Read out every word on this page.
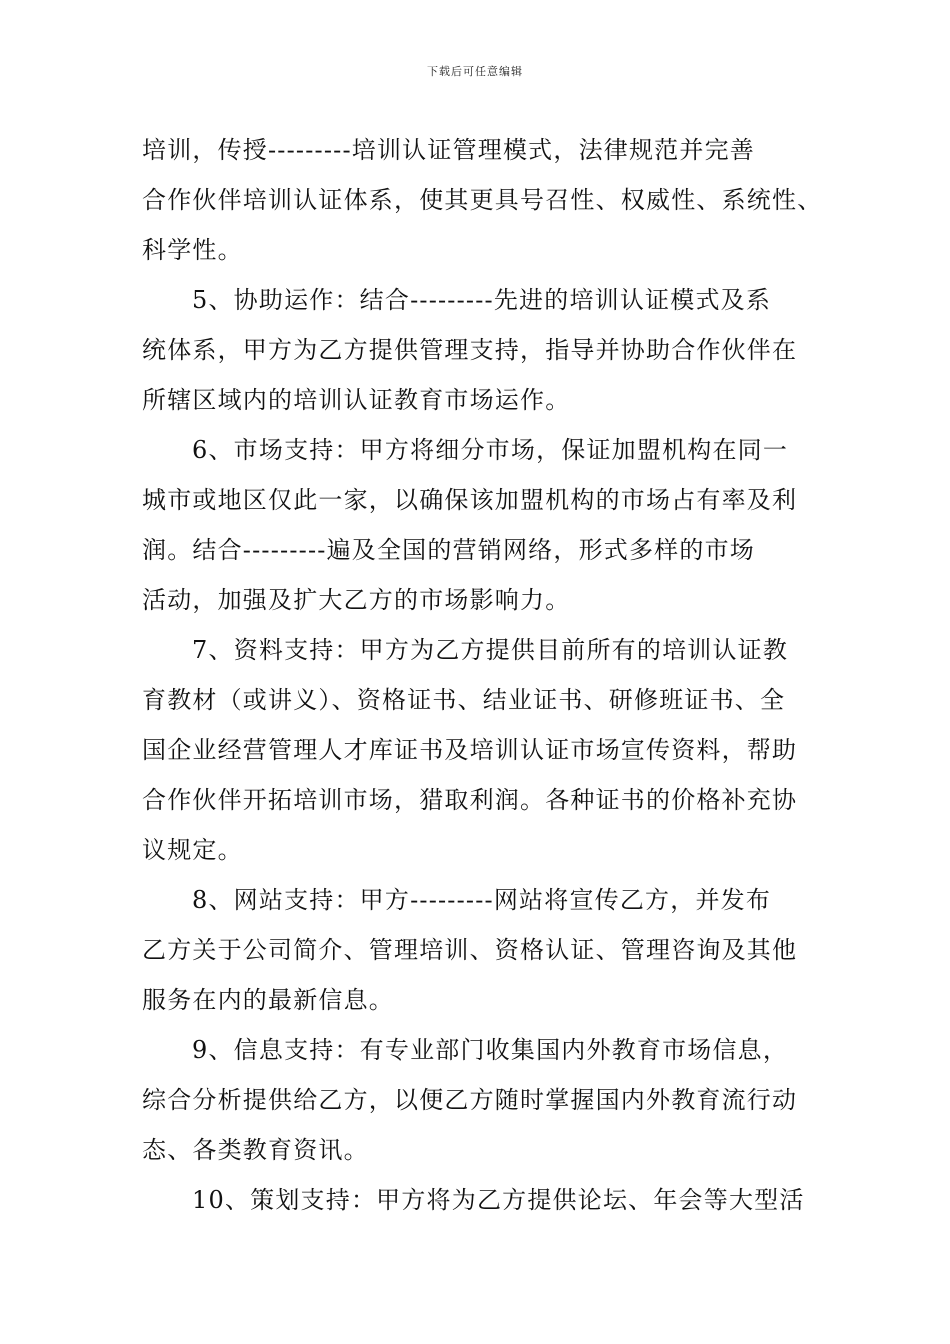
下载后可任意编辑
培训，传授---------培训认证管理模式，法律规范并完善
合作伙伴培训认证体系，使其更具号召性、权威性、系统性、
科学性。
5、协助运作：结合---------先进的培训认证模式及系
统体系，甲方为乙方提供管理支持，指导并协助合作伙伴在
所辖区域内的培训认证教育市场运作。
6、市场支持：甲方将细分市场，保证加盟机构在同一
城市或地区仅此一家，以确保该加盟机构的市场占有率及利
润。结合---------遍及全国的营销网络，形式多样的市场
活动，加强及扩大乙方的市场影响力。
7、资料支持：甲方为乙方提供目前所有的培训认证教
育教材（或讲义）、资格证书、结业证书、研修班证书、全
国企业经营管理人才库证书及培训认证市场宣传资料，帮助
合作伙伴开拓培训市场，猎取利润。各种证书的价格补充协
议规定。
8、网站支持：甲方---------网站将宣传乙方，并发布
乙方关于公司简介、管理培训、资格认证、管理咨询及其他
服务在内的最新信息。
9、信息支持：有专业部门收集国内外教育市场信息，
综合分析提供给乙方，以便乙方随时掌握国内外教育流行动
态、各类教育资讯。
10、策划支持：甲方将为乙方提供论坛、年会等大型活
